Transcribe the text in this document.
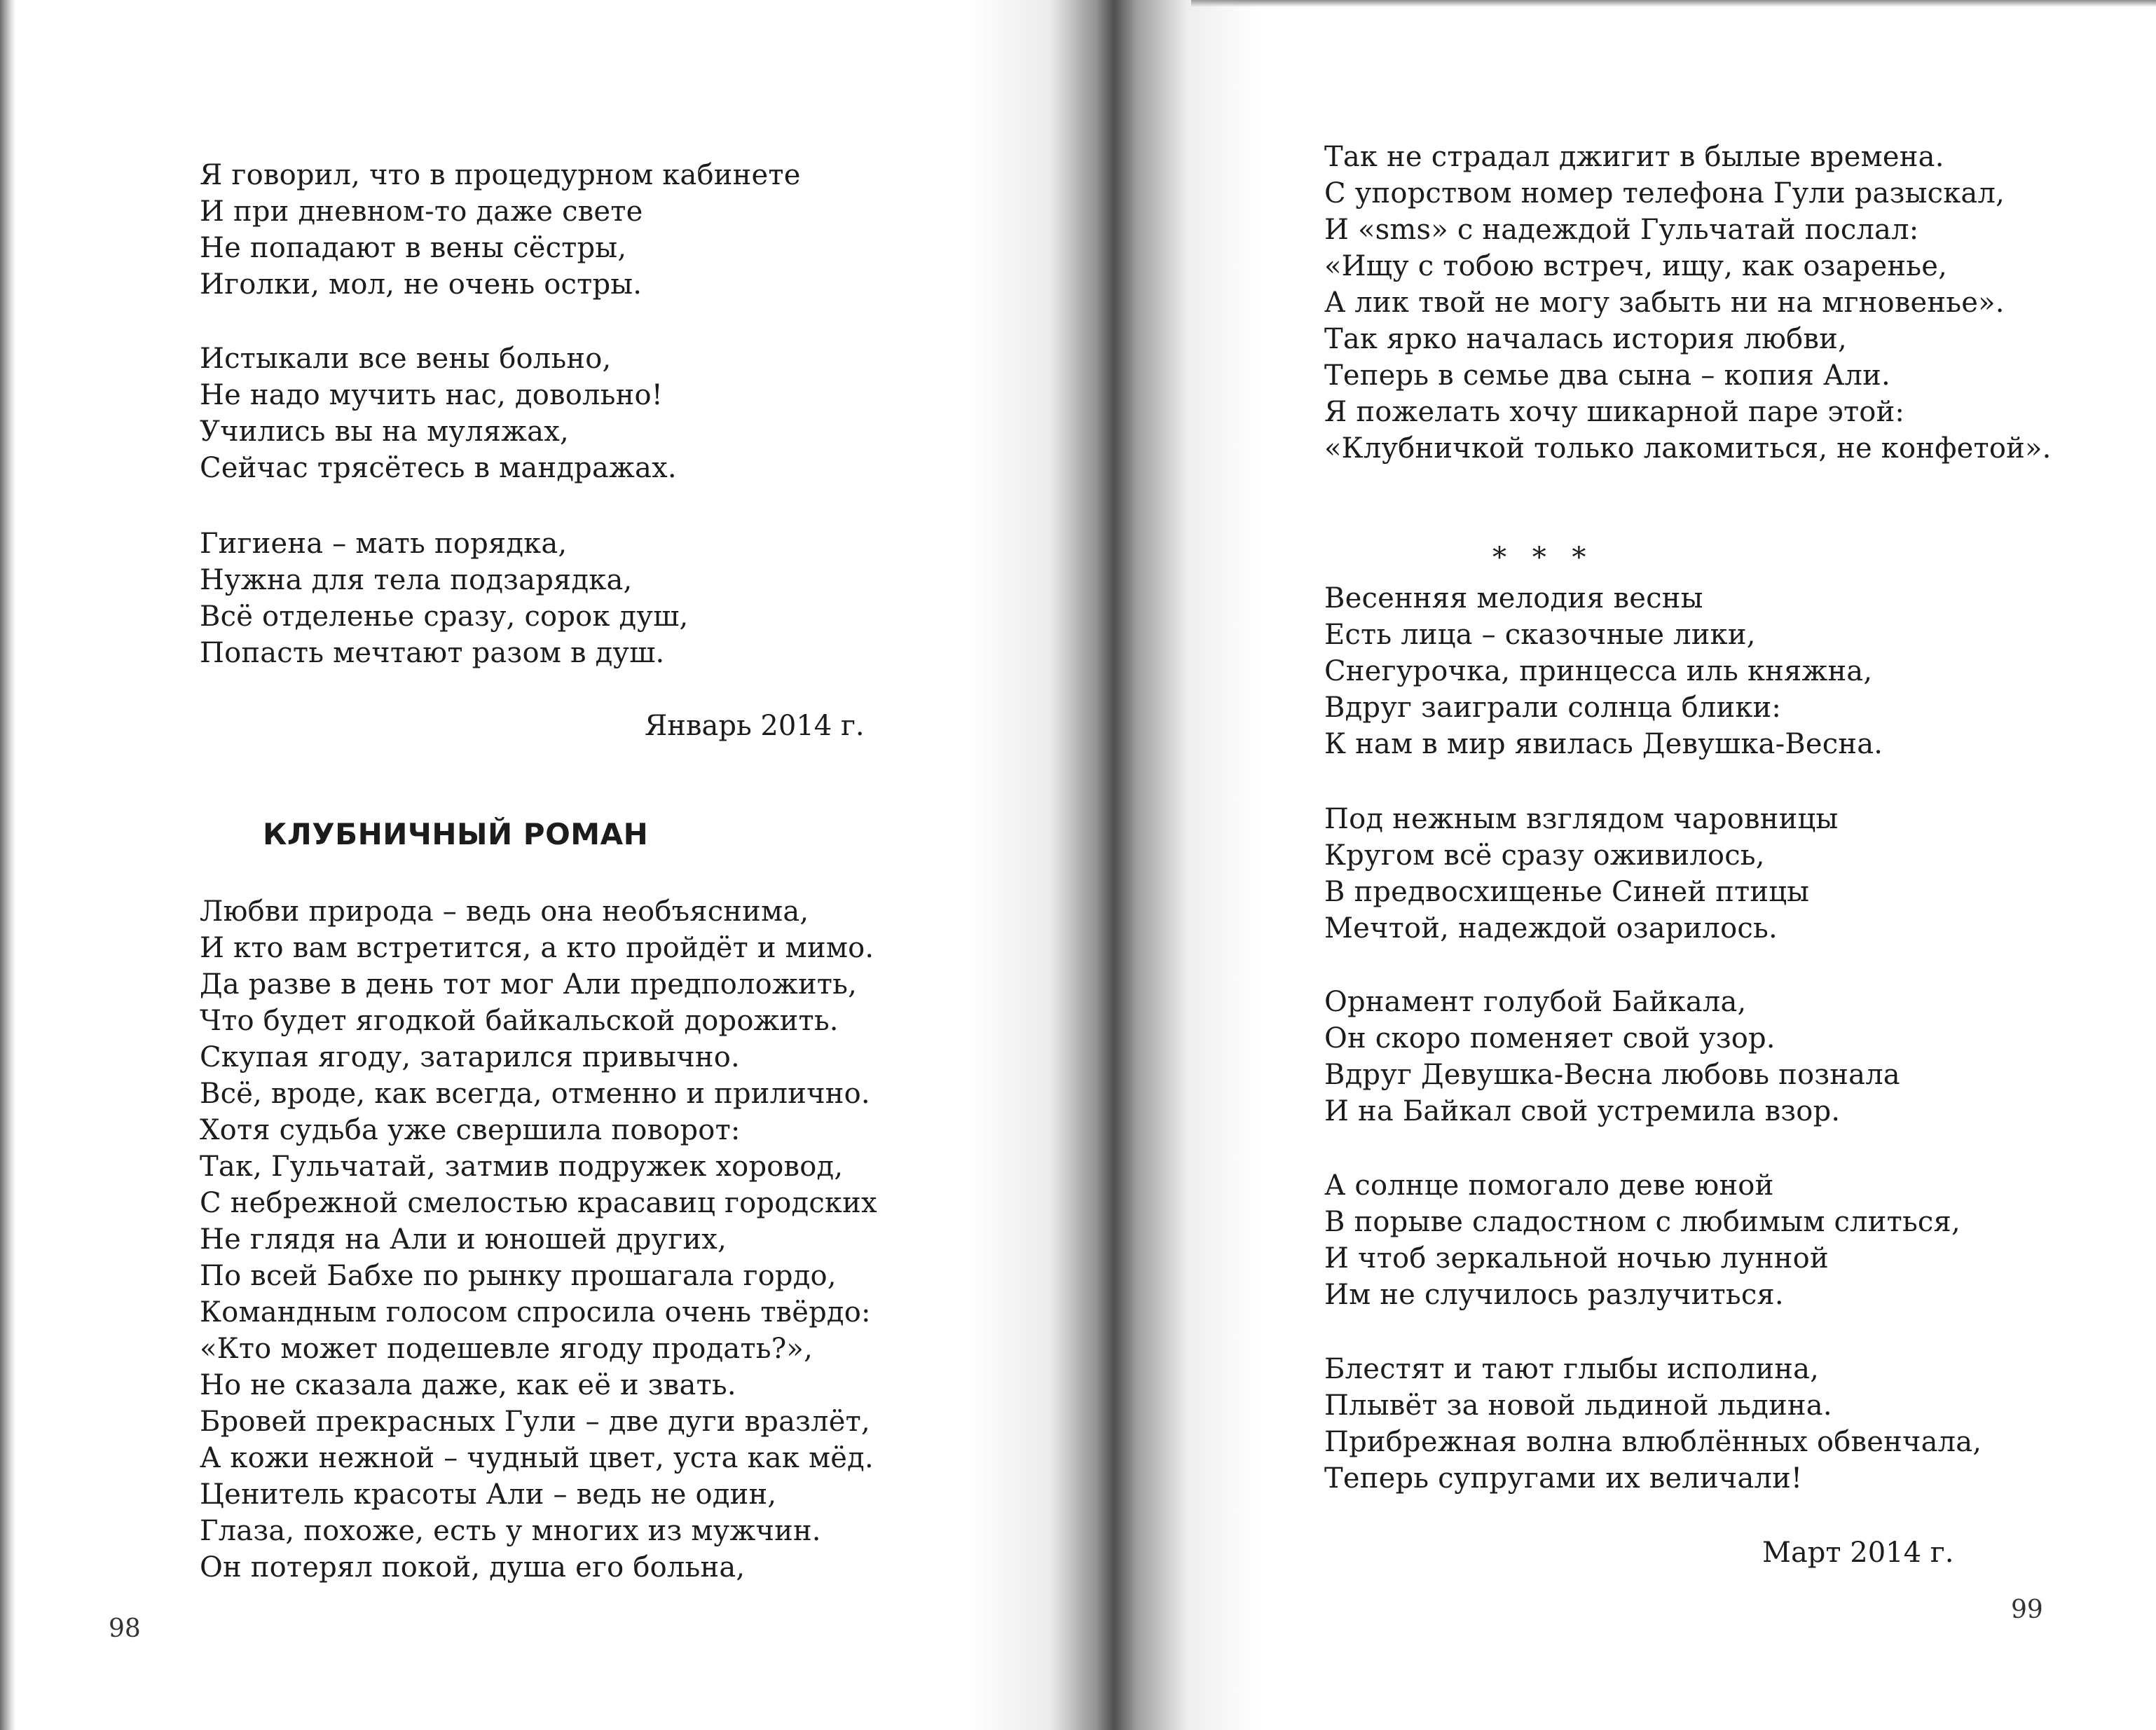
Я говорил, что в процедурном кабинете
И при дневном-то даже свете
Не попадают в вены сёстры,
Иголки, мол, не очень остры.
Истыкали все вены больно,
Не надо мучить нас, довольно!
Учились вы на муляжах,
Сейчас трясётесь в мандражах.
Гигиена – мать порядка,
Нужна для тела подзарядка,
Всё отделенье сразу, сорок душ,
Попасть мечтают разом в душ.
Январь 2014 г.
КЛУБНИЧНЫЙ РОМАН
Любви природа – ведь она необъяснима,
И кто вам встретится, а кто пройдёт и мимо.
Да разве в день тот мог Али предположить,
Что будет ягодкой байкальской дорожить.
Скупая ягоду, затарился привычно.
Всё, вроде, как всегда, отменно и прилично.
Хотя судьба уже свершила поворот:
Так, Гульчатай, затмив подружек хоровод,
С небрежной смелостью красавиц городских
Не глядя на Али и юношей других,
По всей Бабхе по рынку прошагала гордо,
Командным голосом спросила очень твёрдо:
«Кто может подешевле ягоду продать?»,
Но не сказала даже, как её и звать.
Бровей прекрасных Гули – две дуги вразлёт,
А кожи нежной – чудный цвет, уста как мёд.
Ценитель красоты Али – ведь не один,
Глаза, похоже, есть у многих из мужчин.
Он потерял покой, душа его больна,
98
Так не страдал джигит в былые времена.
С упорством номер телефона Гули разыскал,
И «sms» с надеждой Гульчатай послал:
«Ищу с тобою встреч, ищу, как озаренье,
А лик твой не могу забыть ни на мгновенье».
Так ярко началась история любви,
Теперь в семье два сына – копия Али.
Я пожелать хочу шикарной паре этой:
«Клубничкой только лакомиться, не конфетой».
* * *
Весенняя мелодия весны
Есть лица – сказочные лики,
Снегурочка, принцесса иль княжна,
Вдруг заиграли солнца блики:
К нам в мир явилась Девушка-Весна.
Под нежным взглядом чаровницы
Кругом всё сразу оживилось,
В предвосхищенье Синей птицы
Мечтой, надеждой озарилось.
Орнамент голубой Байкала,
Он скоро поменяет свой узор.
Вдруг Девушка-Весна любовь познала
И на Байкал свой устремила взор.
А солнце помогало деве юной
В порыве сладостном с любимым слиться,
И чтоб зеркальной ночью лунной
Им не случилось разлучиться.
Блестят и тают глыбы исполина,
Плывёт за новой льдиной льдина.
Прибрежная волна влюблённых обвенчала,
Теперь супругами их величали!
Март 2014 г.
99
